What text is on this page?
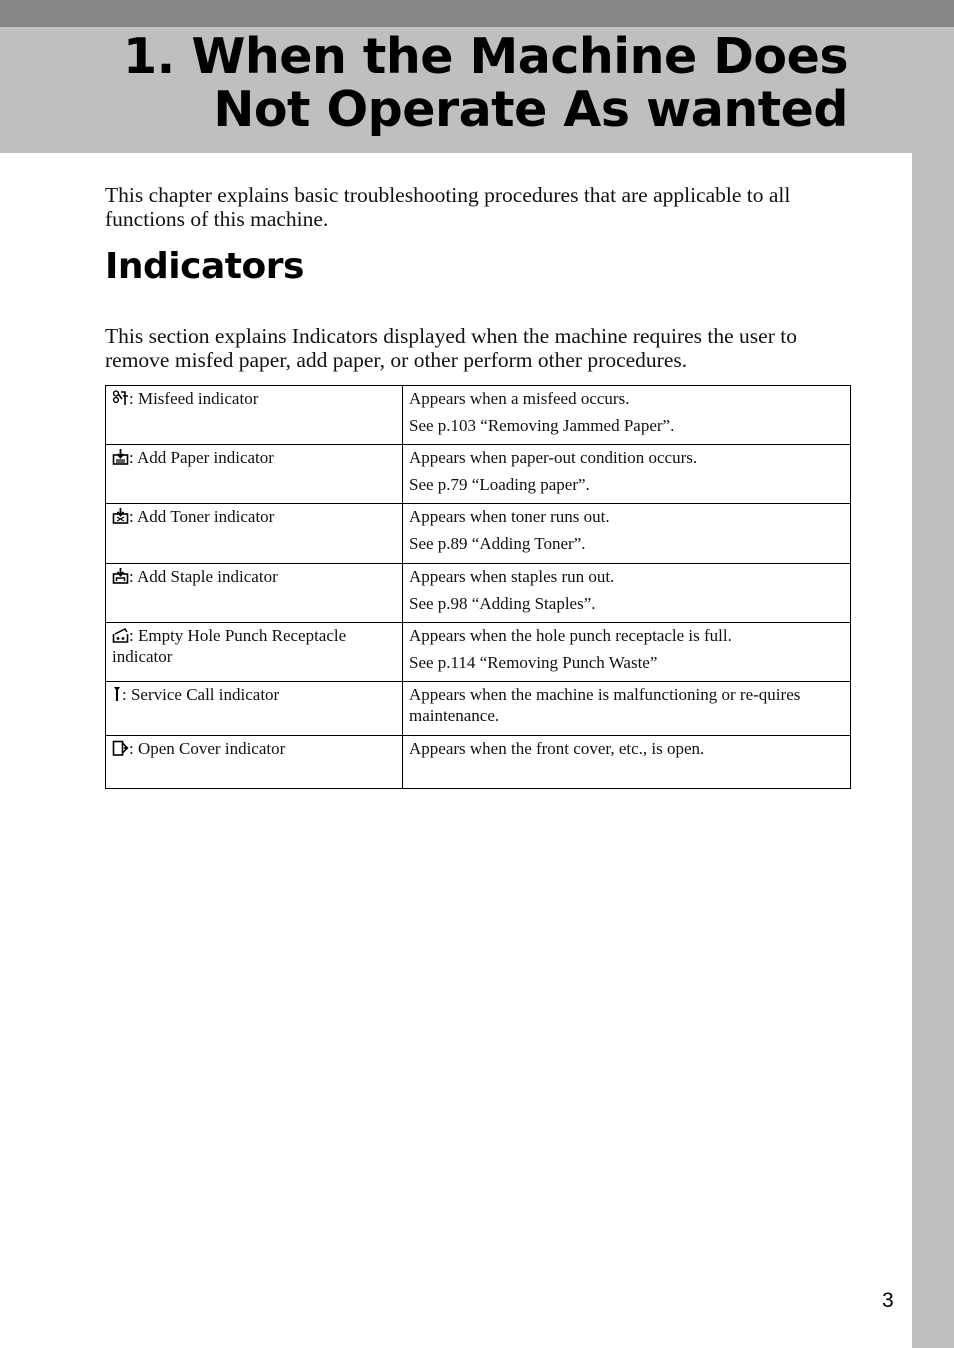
1. When the Machine Does
Not Operate As wanted

This chapter explains basic troubleshooting procedures that are applicable to all functions of this machine.

Indicators

This section explains Indicators displayed when the machine requires the user to remove misfed paper, add paper, or other perform other procedures.

: Misfeed indicator	Appears when a misfeed occurs.
See p.103 “Removing Jammed Paper”.

: Add Paper indicator	Appears when paper-out condition occurs.
See p.79 “Loading paper”.

: Add Toner indicator	Appears when toner runs out.
See p.89 “Adding Toner”.

: Add Staple indicator	Appears when staples run out.
See p.98 “Adding Staples”.

: Empty Hole Punch Receptacle indicator	Appears when the hole punch receptacle is full.
See p.114 “Removing Punch Waste”

: Service Call indicator	Appears when the machine is malfunctioning or re-quires maintenance.

: Open Cover indicator	Appears when the front cover, etc., is open.
3
